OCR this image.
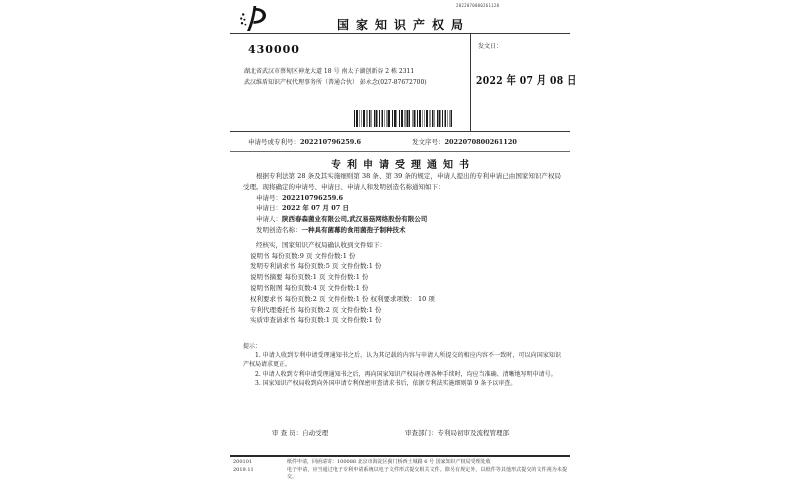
2022070800261120
国家知识产权局
430000
湖北省武汉市蔡甸区神龙大道 18 号 南太子湖创新谷 2 栋 2311
武汉维盾知识产权代理事务所（普通合伙） 彭永念(027-87672700)
发文日：
2022 年 07 月 08 日
申请号或专利号：202210796259.6	发文序号：2022070800261120
专利申请受理通知书

根据专利法第 28 条及其实施细则第 38 条、第 39 条的规定，申请人提出的专利申请已由国家知识产权局受理。现将确定的申请号、申请日、申请人和发明创造名称通知如下：

申请号：202210796259.6
申请日：2022 年 07 月 07 日
申请人：陕西春森菌业有限公司,武汉易菇网络股份有限公司
发明创造名称：一种具有菌幕的食用菌孢子制种技术
经核实，国家知识产权局确认收到文件如下：
说明书 每份页数:9 页 文件份数:1 份
发明专利请求书 每份页数:5 页 文件份数:1 份
说明书摘要 每份页数:1 页 文件份数:1 份
说明书附图 每份页数:4 页 文件份数:1 份
权利要求书 每份页数:2 页 文件份数:1 份 权利要求项数： 10 项
专利代理委托书 每份页数:2 页 文件份数:1 份
实质审查请求书 每份页数:1 页 文件份数:1 份
提示：

1. 申请人收到专利申请受理通知书之后，认为其记载的内容与申请人所提交的相应内容不一致时，可以向国家知识产权局请求更正。

2. 申请人收到专利申请受理通知书之后，再向国家知识产权局办理各种手续时，均应当准确、清晰地写明申请号。

3. 国家知识产权局收到向外国申请专利保密审查请求书后，依据专利法实施细则第 9 条予以审查。

审 查 员：自动受理	审查部门：专利局初审及流程管理部
200101	纸件申请，回函请寄：100088 北京市海淀区蓟门桥西土城路 6 号 国家知识产权局受理处收
2019.11	电子申请，应当通过电子专利申请系统以电子文件形式提交相关文件。除另有规定外，以纸件等其他形式提交的文件视为未提交。
